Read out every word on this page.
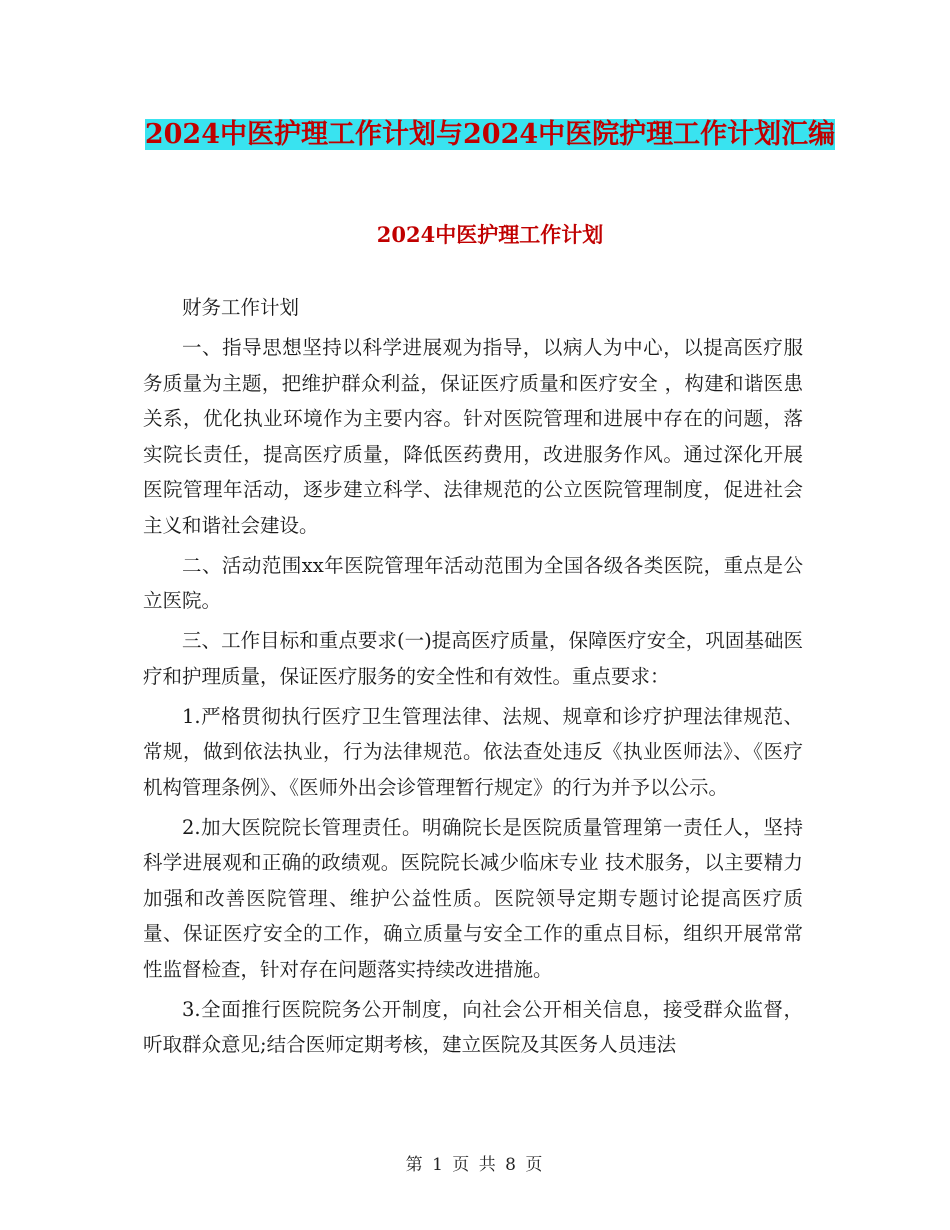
2024中医护理工作计划与2024中医院护理工作计划汇编
2024中医护理工作计划

财务工作计划

一、指导思想坚持以科学进展观为指导，以病人为中心，以提高医疗服务质量为主题，把维护群众利益，保证医疗质量和医疗安全 ，构建和谐医患关系，优化执业环境作为主要内容。针对医院管理和进展中存在的问题，落实院长责任，提高医疗质量，降低医药费用，改进服务作风。通过深化开展医院管理年活动，逐步建立科学、法律规范的公立医院管理制度，促进社会主义和谐社会建设。

二、活动范围xx年医院管理年活动范围为全国各级各类医院，重点是公立医院。

三、工作目标和重点要求(一)提高医疗质量，保障医疗安全，巩固基础医疗和护理质量，保证医疗服务的安全性和有效性。重点要求：

1.严格贯彻执行医疗卫生管理法律、法规、规章和诊疗护理法律规范、常规，做到依法执业，行为法律规范。依法查处违反《执业医师法》、《医疗机构管理条例》、《医师外出会诊管理暂行规定》的行为并予以公示。

2.加大医院院长管理责任。明确院长是医院质量管理第一责任人，坚持科学进展观和正确的政绩观。医院院长减少临床专业 技术服务，以主要精力加强和改善医院管理、维护公益性质。医院领导定期专题讨论提高医疗质量、保证医疗安全的工作，确立质量与安全工作的重点目标，组织开展常常性监督检查，针对存在问题落实持续改进措施。

3.全面推行医院院务公开制度，向社会公开相关信息，接受群众监督，听取群众意见;结合医师定期考核，建立医院及其医务人员违法

第 1 页 共 8 页
